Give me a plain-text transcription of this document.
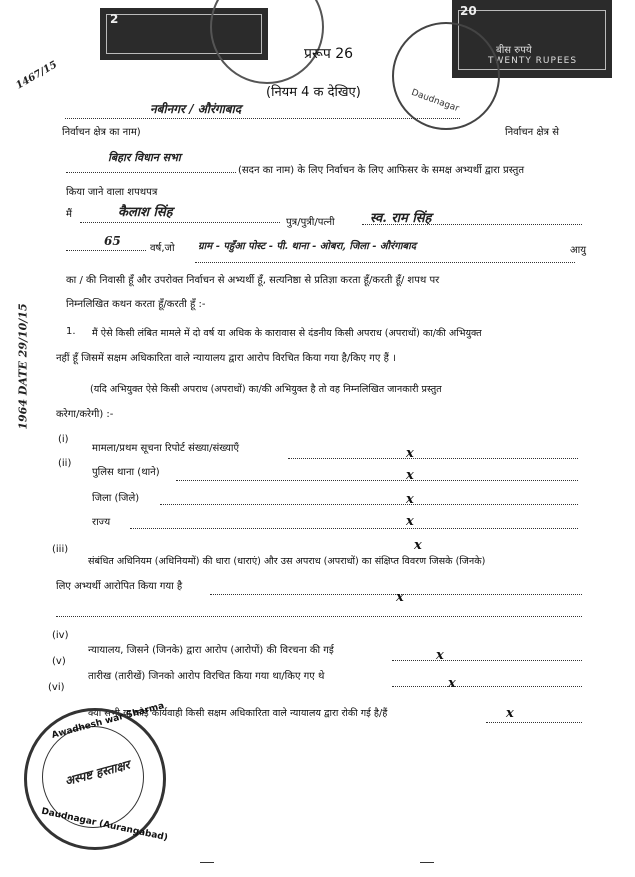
2
20
बीस रुपये
TWENTY RUPEES
Daudnagar
1467/15
1964 DATE 29/10/15
प्ररूप 26
(नियम 4 क देखिए)
नबीनगर / औरंगाबाद
निर्वाचन क्षेत्र का नाम)	निर्वाचन क्षेत्र से
बिहार विधान सभा
(सदन का नाम) के लिए निर्वाचन के लिए आफिसर के समक्ष अभ्यर्थी द्वारा प्रस्तुत
किया जाने वाला शपथपत्र
मैं	कैलाश सिंह
पुत्र/पुत्री/पत्नी	स्व. राम सिंह
65
वर्ष,जो ग्राम - पहुँआ पोस्ट - पी. थाना - ओबरा, जिला - औरंगाबाद	आयु
का / की निवासी हूँ और उपरोक्त निर्वाचन से अभ्यर्थी हूँ, सत्यनिष्ठा से प्रतिज्ञा करता हूँ/करती हूँ/ शपथ पर
निम्नलिखित कथन करता हूँ/करती हूँ :-
1. मैं ऐसे किसी लंबित मामले में दो वर्ष या अधिक के कारावास से दंडनीय किसी अपराध (अपराधों) का/की अभियुक्त
नहीं हूँ जिसमें सक्षम अधिकारिता वाले न्यायालय द्वारा आरोप विरचित किया गया है/किए गए हैं ।
(यदि अभियुक्त ऐसे किसी अपराध (अपराधों) का/की अभियुक्त है तो वह निम्नलिखित जानकारी प्रस्तुत
करेगा/करेगी) :-
(i)
मामला/प्रथम सूचना रिपोर्ट संख्या/संख्याएँ	x
(ii)
पुलिस थाना (थाने)	x
जिला (जिले)	x
राज्य	x
(iii)
संबंधित अधिनियम (अधिनियमों) की धारा (धाराएं) और उस अपराध (अपराधों) का संक्षिप्त विवरण जिसके (जिनके)
x
लिए अभ्यर्थी आरोपित किया गया है
x
(iv)
न्यायालय, जिसने (जिनके) द्वारा आरोप (आरोपों) की विरचना की गई	x
(v)
तारीख (तारीखें) जिनको आरोप विरचित किया गया था/किए गए थे	x
(vi)
क्या सभी या कोई कार्यवाही किसी सक्षम अधिकारिता वाले न्यायालय द्वारा रोकी गई है/हैं	x
Awadhesh war Sharma
Daudnagar (Aurangabad)
अस्पष्ट हस्ताक्षर
